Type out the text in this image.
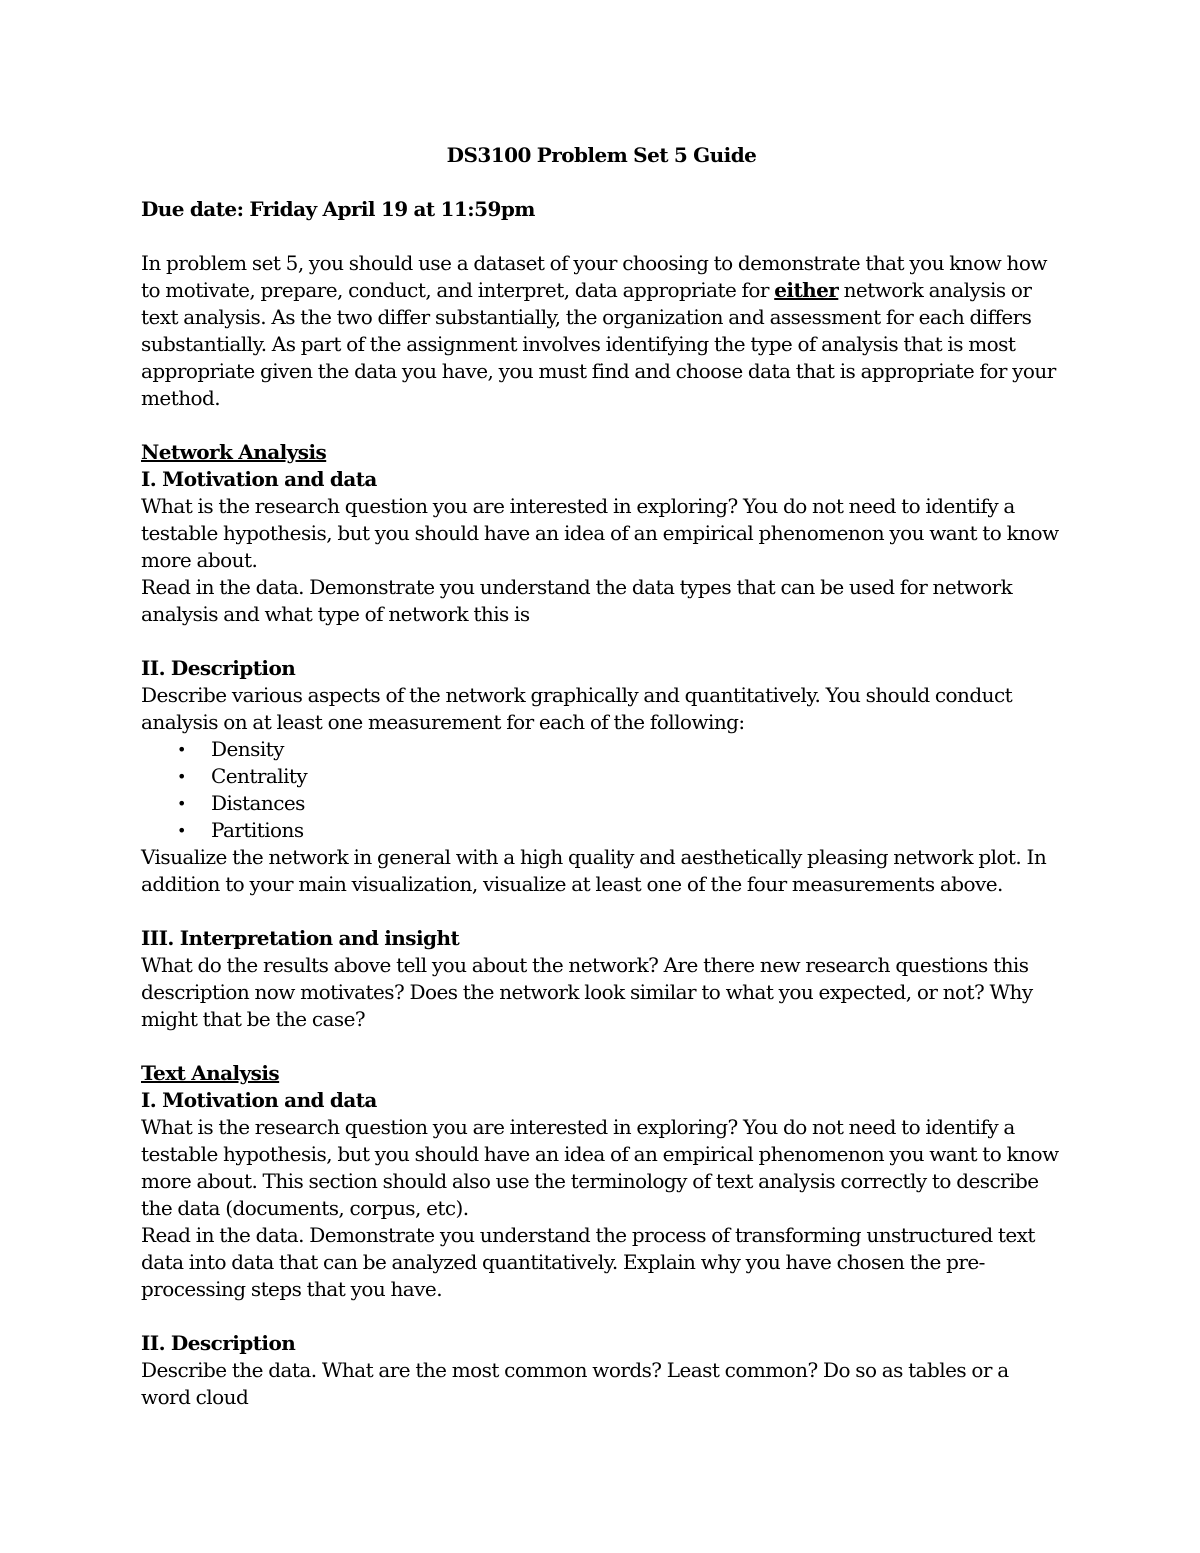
DS3100 Problem Set 5 Guide

Due date: Friday April 19 at 11:59pm

In problem set 5, you should use a dataset of your choosing to demonstrate that you know how to motivate, prepare, conduct, and interpret, data appropriate for either network analysis or text analysis. As the two differ substantially, the organization and assessment for each differs substantially. As part of the assignment involves identifying the type of analysis that is most appropriate given the data you have, you must find and choose data that is appropriate for your method.

Network Analysis

I. Motivation and data

What is the research question you are interested in exploring? You do not need to identify a testable hypothesis, but you should have an idea of an empirical phenomenon you want to know more about.

Read in the data. Demonstrate you understand the data types that can be used for network analysis and what type of network this is

II. Description

Describe various aspects of the network graphically and quantitatively. You should conduct analysis on at least one measurement for each of the following:

• Density
• Centrality
• Distances
• Partitions

Visualize the network in general with a high quality and aesthetically pleasing network plot. In addition to your main visualization, visualize at least one of the four measurements above.

III. Interpretation and insight

What do the results above tell you about the network? Are there new research questions this description now motivates? Does the network look similar to what you expected, or not? Why might that be the case?

Text Analysis

I. Motivation and data

What is the research question you are interested in exploring? You do not need to identify a testable hypothesis, but you should have an idea of an empirical phenomenon you want to know more about. This section should also use the terminology of text analysis correctly to describe the data (documents, corpus, etc).

Read in the data. Demonstrate you understand the process of transforming unstructured text data into data that can be analyzed quantitatively. Explain why you have chosen the pre-processing steps that you have.

II. Description

Describe the data. What are the most common words? Least common? Do so as tables or a word cloud
